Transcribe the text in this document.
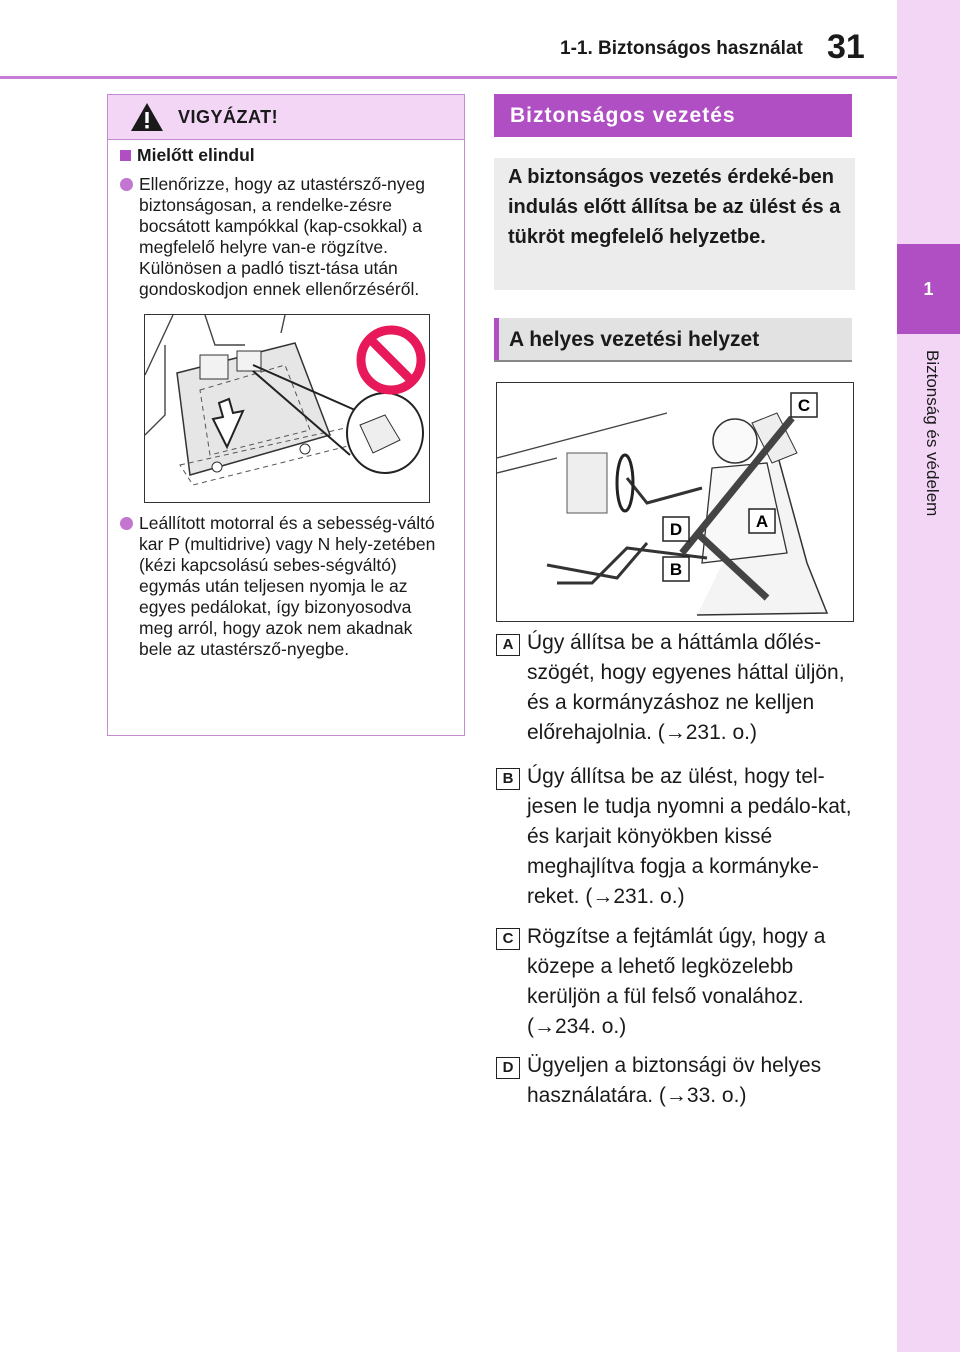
1-1. Biztonságos használat 31
1
Biztonság és védelem
VIGYÁZAT!
Mielőtt elindul
Ellenőrizze, hogy az utastérsző-nyeg biztonságosan, a rendelke-zésre bocsátott kampókkal (kap-csokkal) a megfelelő helyre van-e rögzítve. Különösen a padló tiszt-tása után gondoskodjon ennek ellenőrzéséről.
Leállított motorral és a sebesség-váltó kar P (multidrive) vagy N hely-zetében (kézi kapcsolású sebes-ségváltó) egymás után teljesen nyomja le az egyes pedálokat, így bizonyosodva meg arról, hogy azok nem akadnak bele az utastérsző-nyegbe.
Biztonságos vezetés
A biztonságos vezetés érdeké-ben indulás előtt állítsa be az ülést és a tükröt megfelelő helyzetbe.
A helyes vezetési helyzet
C
A
D
B
A Úgy állítsa be a háttámla dőlés-szögét, hogy egyenes háttal üljön, és a kormányzáshoz ne kelljen előrehajolnia. (→231. o.)
B Úgy állítsa be az ülést, hogy tel-jesen le tudja nyomni a pedálo-kat, és karjait könyökben kissé meghajlítva fogja a kormányke-reket. (→231. o.)
C Rögzítse a fejtámlát úgy, hogy a közepe a lehető legközelebb kerüljön a fül felső vonalához. (→234. o.)
D Ügyeljen a biztonsági öv helyes használatára. (→33. o.)
